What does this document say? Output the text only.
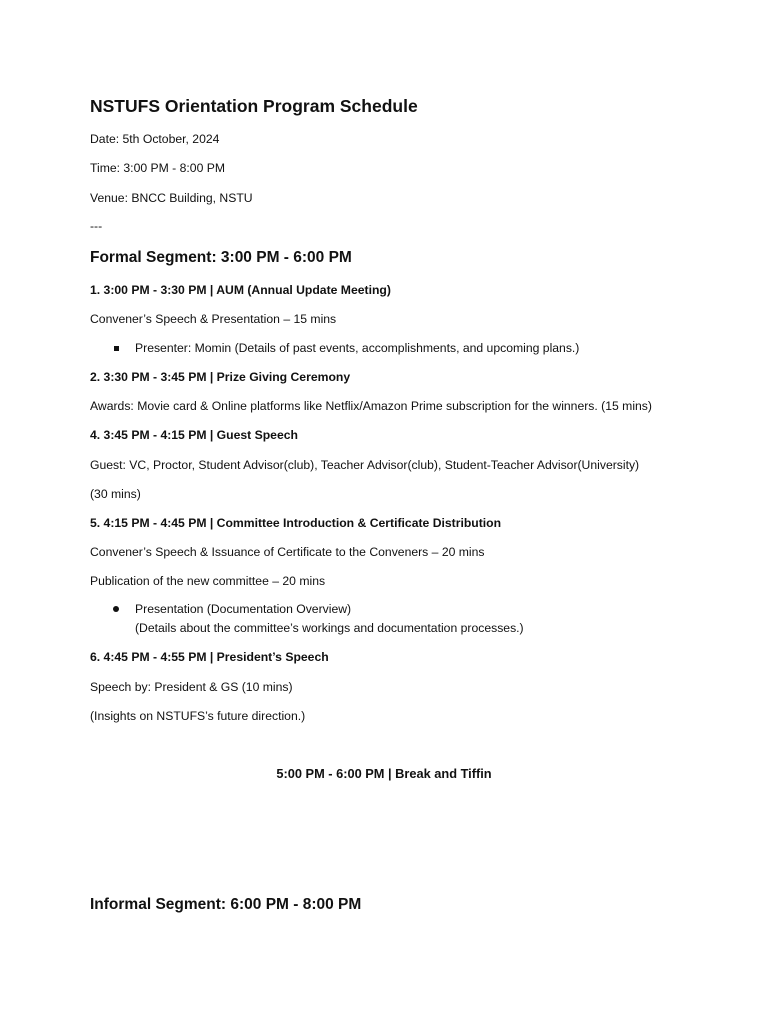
NSTUFS Orientation Program Schedule
Date: 5th October, 2024
Time: 3:00 PM - 8:00 PM
Venue: BNCC Building, NSTU
---
Formal Segment: 3:00 PM - 6:00 PM
1. 3:00 PM - 3:30 PM | AUM (Annual Update Meeting)
Convener’s Speech & Presentation – 15 mins
Presenter: Momin (Details of past events, accomplishments, and upcoming plans.)
2. 3:30 PM - 3:45 PM | Prize Giving Ceremony
Awards: Movie card & Online platforms like Netflix/Amazon Prime subscription for the winners. (15 mins)
4. 3:45 PM - 4:15 PM | Guest Speech
Guest: VC, Proctor, Student Advisor(club), Teacher Advisor(club), Student-Teacher Advisor(University)
(30 mins)
5. 4:15 PM - 4:45 PM | Committee Introduction & Certificate Distribution
Convener’s Speech & Issuance of Certificate to the Conveners – 20 mins
Publication of the new committee – 20 mins
Presentation (Documentation Overview)
(Details about the committee’s workings and documentation processes.)
6. 4:45 PM - 4:55 PM | President’s Speech
Speech by: President & GS (10 mins)
(Insights on NSTUFS’s future direction.)
5:00 PM - 6:00 PM | Break and Tiffin
Informal Segment: 6:00 PM - 8:00 PM
